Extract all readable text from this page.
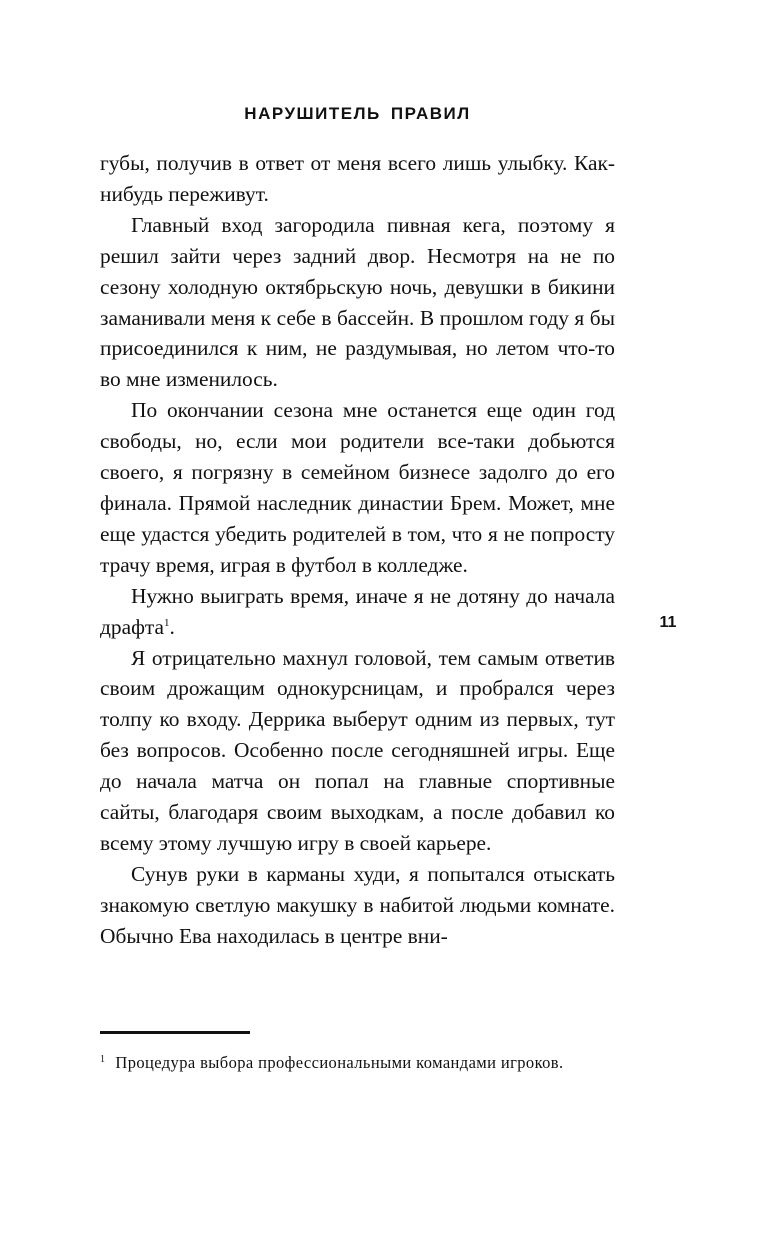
НАРУШИТЕЛЬ ПРАВИЛ
11

губы, получив в ответ от меня всего лишь улыбку. Как-нибудь переживут.

Главный вход загородила пивная кега, поэтому я решил зайти через задний двор. Несмотря на не по сезону холодную октябрьскую ночь, девушки в бикини заманивали меня к себе в бассейн. В прошлом году я бы присоединился к ним, не раздумывая, но летом что-то во мне изменилось.

По окончании сезона мне останется еще один год свободы, но, если мои родители все-таки добьются своего, я погрязну в семейном бизнесе задолго до его финала. Прямой наследник династии Брем. Может, мне еще удастся убедить родителей в том, что я не попросту трачу время, играя в футбол в колледже.

Нужно выиграть время, иначе я не дотяну до начала драфта$^1$.

Я отрицательно махнул головой, тем самым ответив своим дрожащим однокурсницам, и пробрался через толпу ко входу. Деррика выберут одним из первых, тут без вопросов. Особенно после сегодняшней игры. Еще до начала матча он попал на главные спортивные сайты, благодаря своим выходкам, а после добавил ко всему этому лучшую игру в своей карьере.

Сунув руки в карманы худи, я попытался отыскать знакомую светлую макушку в набитой людьми комнате. Обычно Ева находилась в центре вни-

$^1$ Процедура выбора профессиональными командами игроков.
